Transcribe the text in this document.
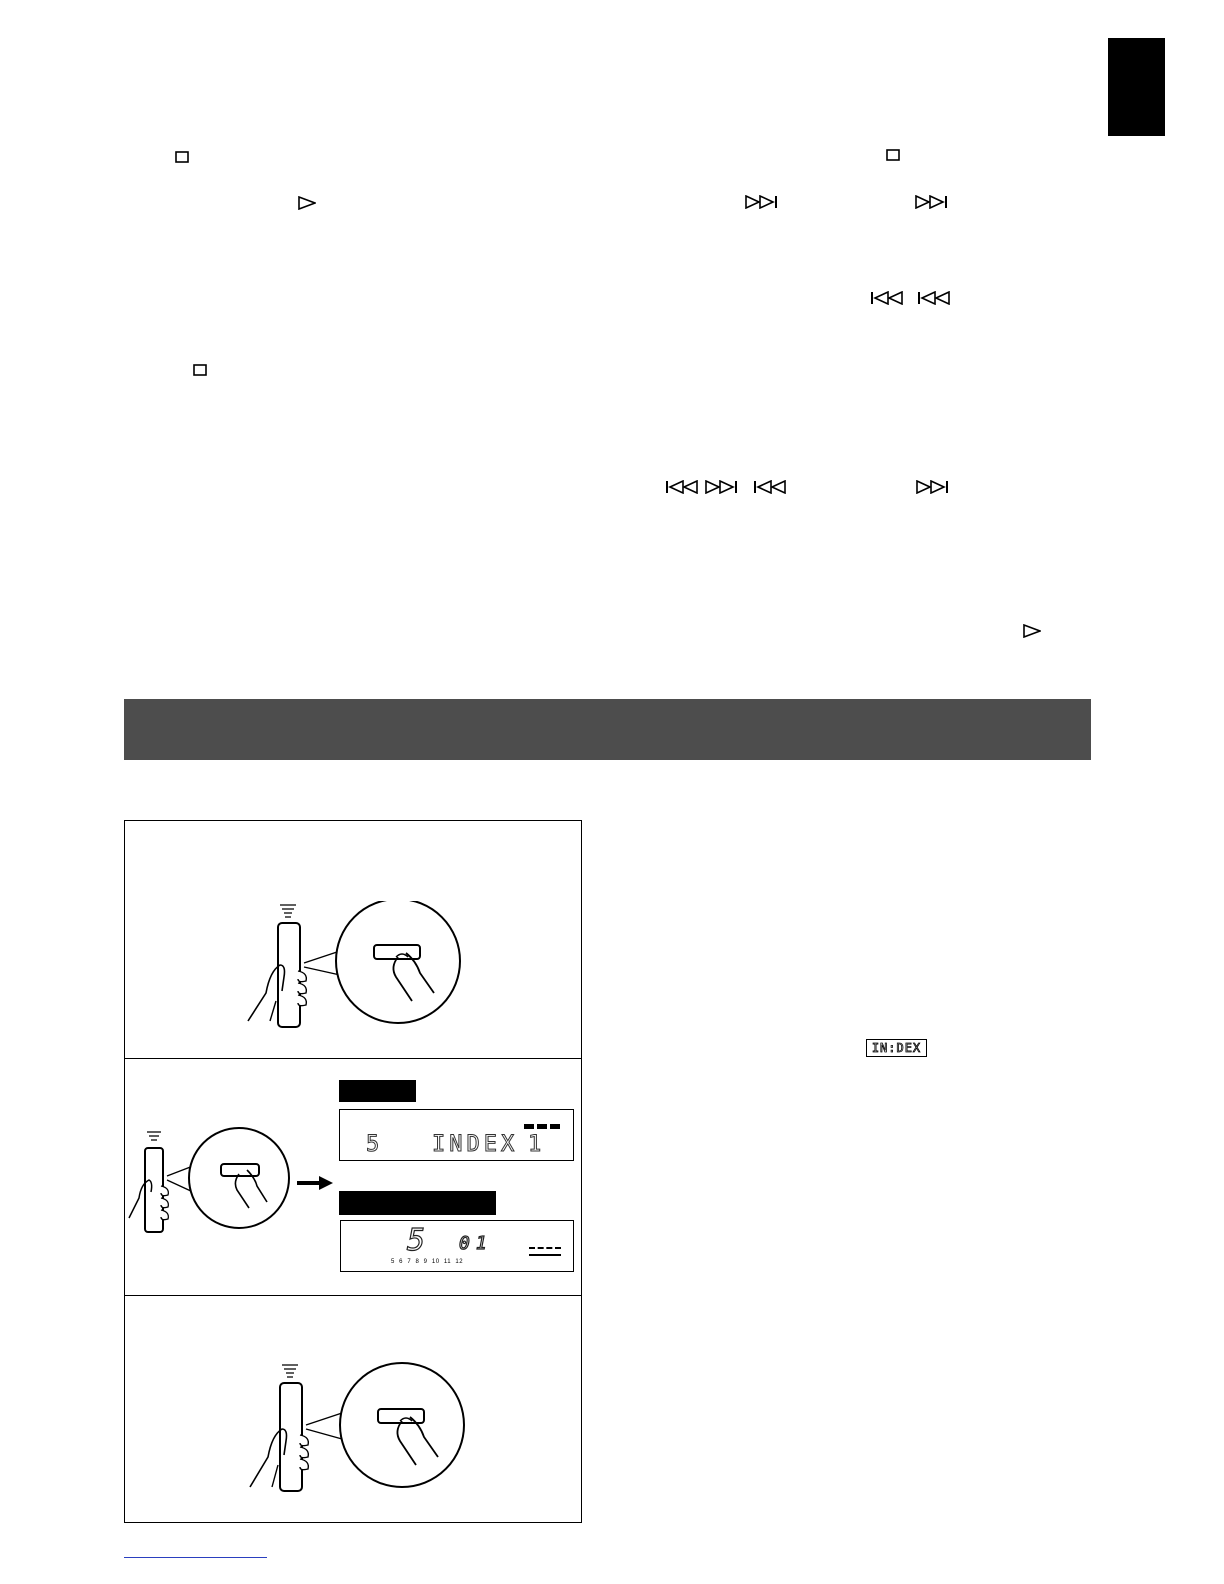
5 INDEX 1
5 01
5  6  7  8  9  10  11  12
IN:DEX
